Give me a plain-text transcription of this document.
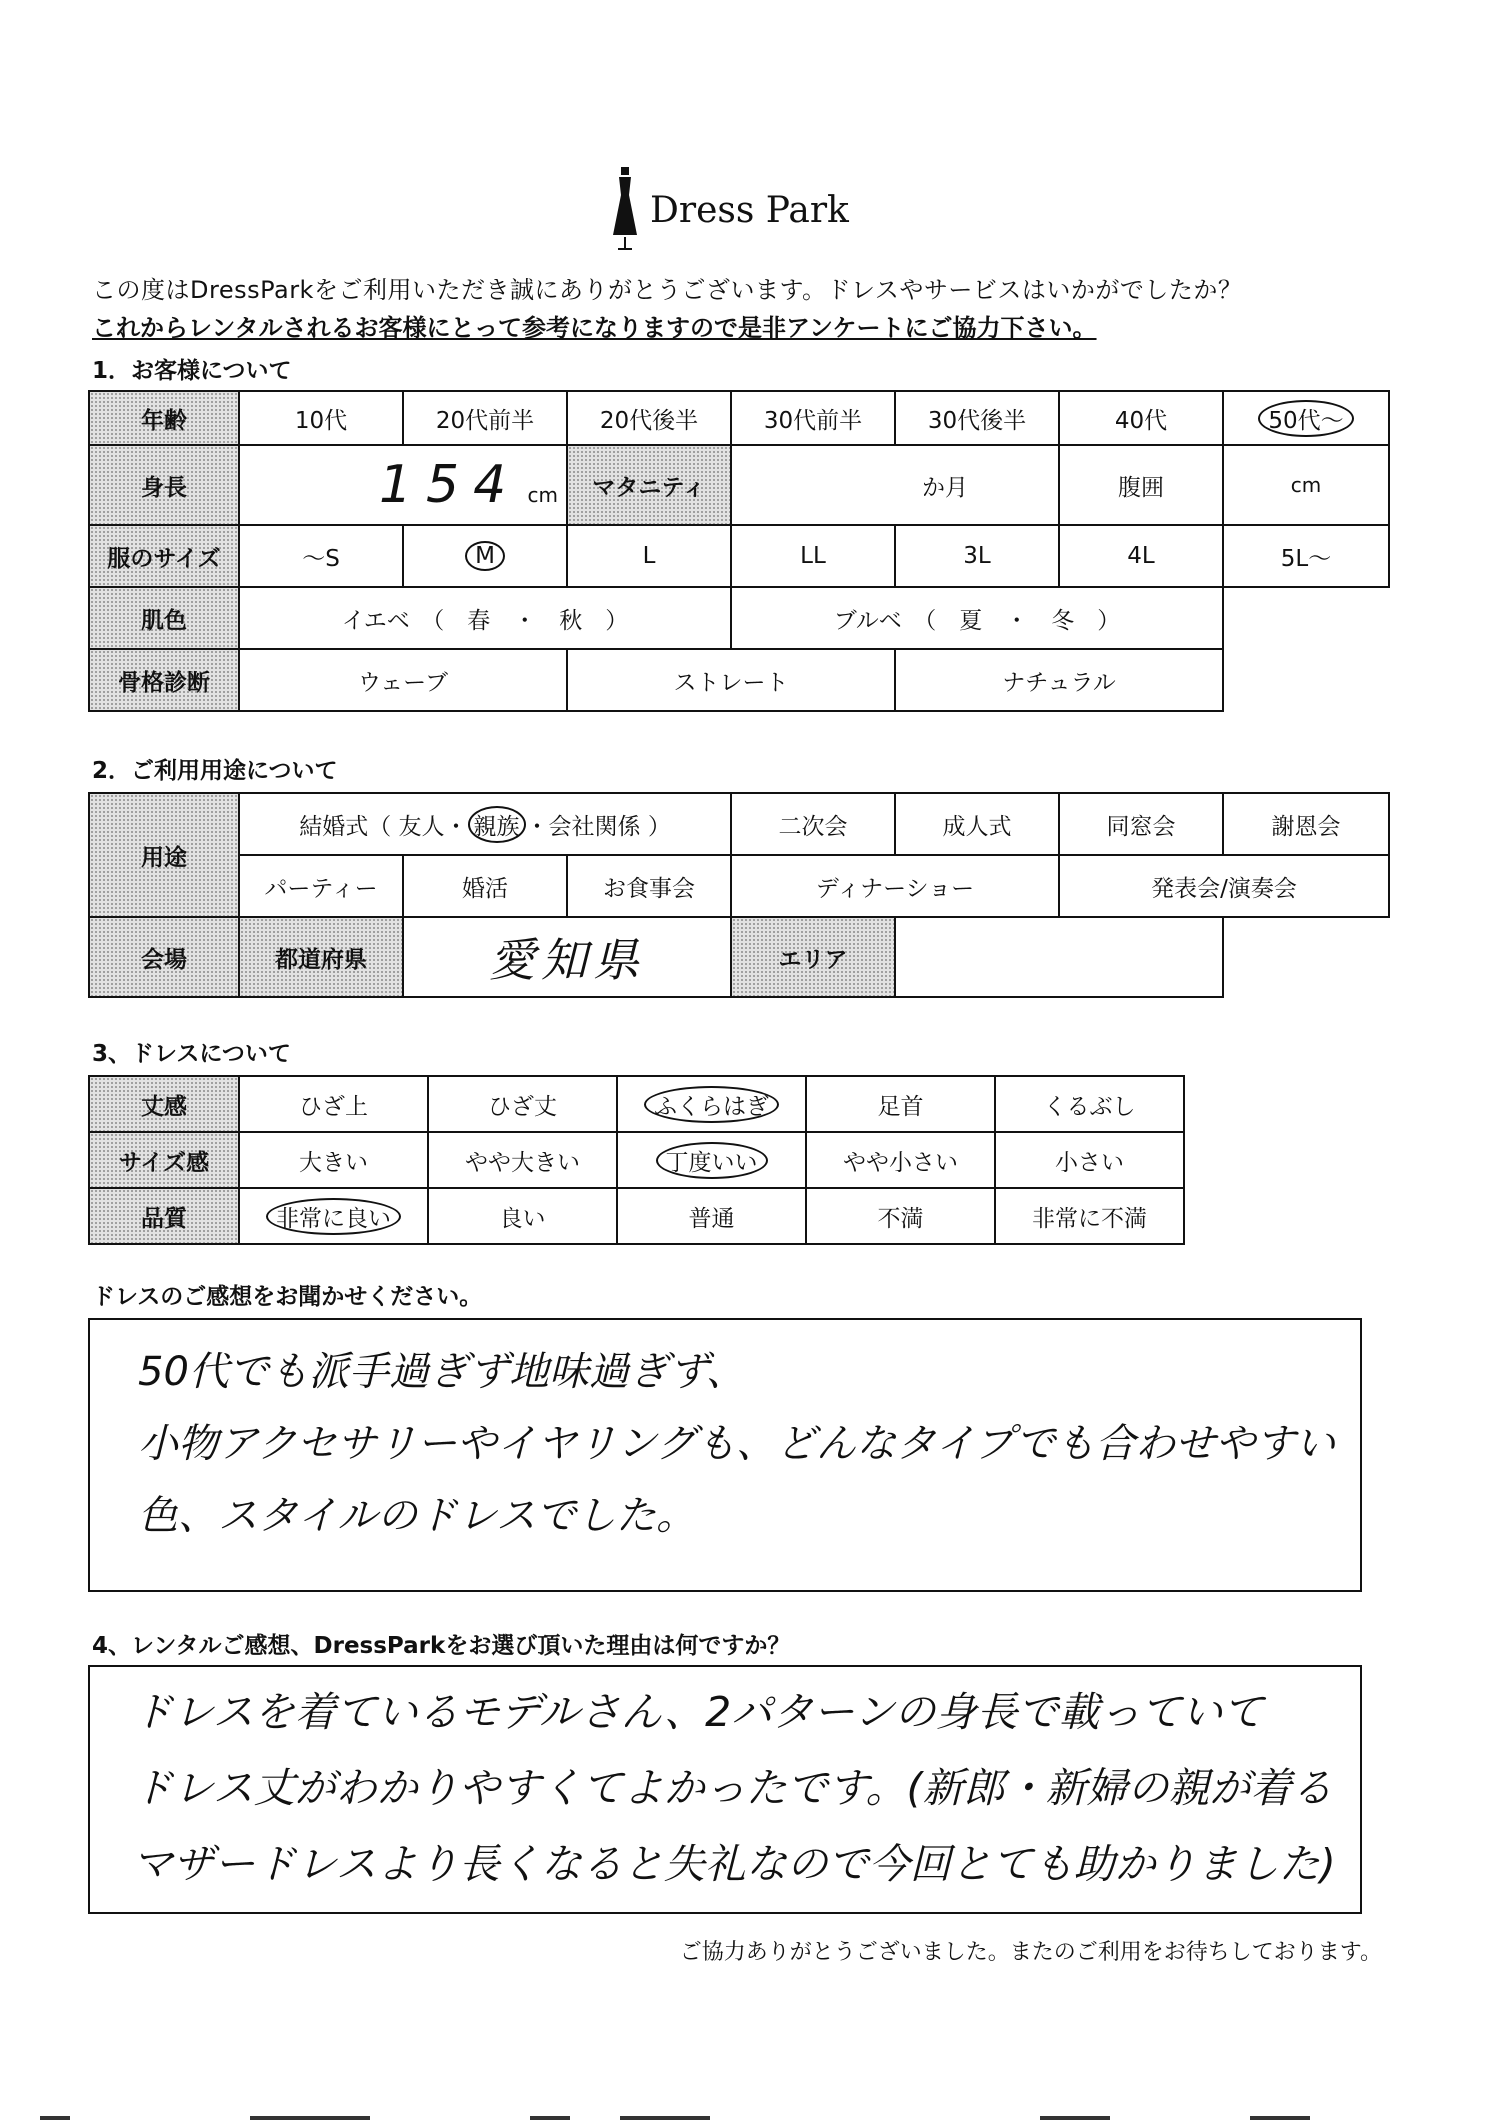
Dress Park
この度はDressParkをご利用いただき誠にありがとうございます。ドレスやサービスはいかがでしたか？
これからレンタルされるお客様にとって参考になりますので是非アンケートにご協力下さい。
1．お客様について
年齢	10代	20代前半	20代後半	30代前半	30代後半	40代	50代～
身長	154 cm		マタニティ	か月		腹囲	cm
服のサイズ	～S	M	L	LL	3L	4L	5L～
肌色	イエベ　（　春　・　秋　）			ブルベ　（　夏　・　冬　）			
骨格診断	ウェーブ		ストレート		ナチュラル		
2．ご利用用途について
用途	結婚式（ 友人・ 親族 ・会社関係 ）			二次会	成人式	同窓会	謝恩会
	パーティー	婚活	お食事会	ディナーショー		発表会/演奏会	
会場	都道府県	愛知県		エリア			
3、ドレスについて
丈感	ひざ上	ひざ丈	ふくらはぎ	足首	くるぶし
サイズ感	大きい	やや大きい	丁度いい	やや小さい	小さい
品質	非常に良い	良い	普通	不満	非常に不満
ドレスのご感想をお聞かせください。
50代でも派手過ぎず地味過ぎず、
小物アクセサリーやイヤリングも、どんなタイプでも合わせやすい
色、スタイルのドレスでした。
4、レンタルご感想、DressParkをお選び頂いた理由は何ですか？
ドレスを着ているモデルさん、2パターンの身長で載っていて
ドレス丈がわかりやすくてよかったです。(新郎・新婦の親が着る
マザードレスより長くなると失礼なので今回とても助かりました)
ご協力ありがとうございました。またのご利用をお待ちしております。
